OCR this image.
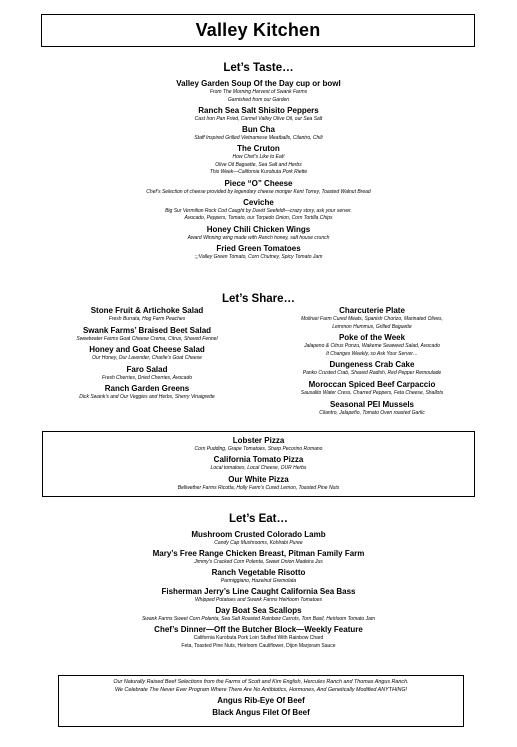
Valley Kitchen
Let’s Taste…
Valley Garden Soup Of the Day cup or bowl
From The Morning Harvest of Swank Farms
Garnished from our Garden
Ranch Sea Salt Shisito Peppers
Cast Iron Pan Fried, Carmel Valley Olive Oil, our Sea Salt
Bun Cha
Staff Inspired Grilled Vietnamese Meatballs, Cilantro, Chili
The Cruton
How Chef’s Like to Eat!
Olive Oil Baguette, Sea Salt and Herbs
This Week—California Kurobuta Pork Riette
Piece “O” Cheese
Chef’s Selection of cheese provided by legendary cheese monger Kent Torrey, Toasted Walnut Bread
Ceviche
Big Sur Vermilion Rock Cod Caught by David Seefeldt—crazy story, ask your server.
Avocado, Peppers, Tomato, our Torpedo Onion, Corn Tortilla Chips
Honey Chili Chicken Wings
Award Winning wing made with Ranch honey, salt house crunch
Fried Green Tomatoes
;;;Valley Green Tomato, Corn Chutney, Spicy Tomato Jam
Let’s Share…
Stone Fruit & Artichoke Salad
Fresh Burrata, Hog Farm Peaches
Swank Farms’ Braised Beet Salad
Sweetwater Farms Goat Cheese Crema, Citrus, Shaved Fennel
Honey and Goat Cheese Salad
Our Honey, Our Lavender, Charlie’s Goat Cheese
Faro Salad
Fresh Cherries, Dried Cherries, Avocado
Ranch Garden Greens
Dick Swank’s and Our Veggies and Herbs, Sherry Vinaigrette
Charcuterie Plate
Molinari Farm Cured Meats, Spanish Chorizo, Marinated Olives,
Lemmon Hummus, Grilled Baguette
Poke of the Week
Jalapeno & Citrus Ponzu, Wakeme Seaweed Salad, Avocado
It Changes Weekly, so Ask Your Server…
Dungeness Crab Cake
Panko Crusted Crab, Shaved Radish, Red Pepper Remoulade
Moroccan Spiced Beef Carpaccio
Sausalito Water Cress, Charred Peppers, Feta Cheese, Shallots
Seasonal PEI Mussels
Cilantro, Jalapeño, Tomato Oven roasted Garlic
Lobster Pizza
Corn Pudding, Grape Tomatoes, Sharp Pecorino Romano
California Tomato Pizza
Local tomatoes, Local Cheese, OUR Herbs
Our White Pizza
Bellwether Farms Ricotta, Holly Farm’s Cured Lemon, Toasted Pine Nuts
Let’s Eat…
Mushroom Crusted Colorado Lamb
Candy Cap Mushrooms, Kohlrabi Puree
Mary’s Free Range Chicken Breast, Pitman Family Farm
Jimmy’s Cracked Corn Polenta, Sweet Onion Madeira Jus
Ranch Vegetable Risotto
Parmiggiano, Hazelnut Gremolata
Fisherman Jerry’s Line Caught California Sea Bass
Whipped Potatoes and Swank Farms Heirloom Tomatoes
Day Boat Sea Scallops
Swank Farms Sweet Corn Polenta, Sea Salt Roasted Rainbow Carrots, Torn Basil, Heirloom Tomato Jam
Chef’s Dinner—Off the Butcher Block—Weekly Feature
California Kurobuta Pork Loin Stuffed With Rainbow Chard
Feta, Toasted Pine Nuts, Heirloom Cauliflower, Dijon Marjoram Sauce
Our Naturally Raised Beef Selections from the Farms of Scott and Kim English, Hercules Ranch and Thomas Angus Ranch.
We Celebrate The Never Ever Program Where There Are No Antibiotics, Hormones, And Genetically Modified ANYTHING!
Angus Rib-Eye Of Beef
Black Angus Filet Of Beef
